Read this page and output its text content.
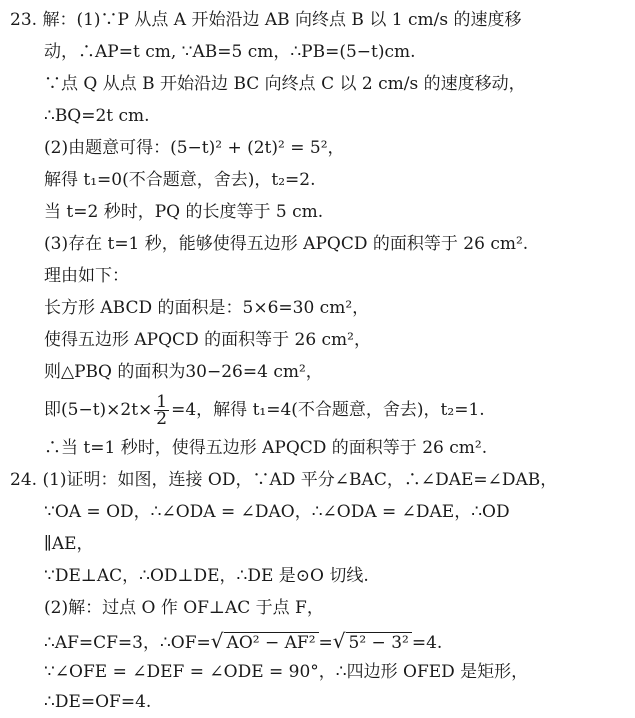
23. 解：(1)∵P 从点 A 开始沿边 AB 向终点 B 以 1 cm/s 的速度移
动，∴AP=t cm, ∵AB=5 cm，∴PB=(5−t)cm.
∵点 Q 从点 B 开始沿边 BC 向终点 C 以 2 cm/s 的速度移动，
∴BQ=2t cm.
(2)由题意可得：(5−t)² + (2t)² = 5²，
解得 t₁=0(不合题意，舍去)，t₂=2.
当 t=2 秒时，PQ 的长度等于 5 cm.
(3)存在 t=1 秒，能够使得五边形 APQCD 的面积等于 26 cm².
理由如下：
长方形 ABCD 的面积是：5×6=30 cm²，
使得五边形 APQCD 的面积等于 26 cm²，
则△PBQ 的面积为30−26=4 cm²，
即$(5-t)\times 2t\times \frac{1}{2} =4$，解得 t₁=4(不合题意，舍去)，t₂=1.
∴当 t=1 秒时，使得五边形 APQCD 的面积等于 26 cm².
24. (1)证明：如图，连接 OD，∵AD 平分∠BAC，∴∠DAE=∠DAB，
∵OA = OD，∴∠ODA = ∠DAO，∴∠ODA = ∠DAE，∴OD
∥AE，
∵DE⊥AC，∴OD⊥DE，∴DE 是⊙O 切线.
(2)解：过点 O 作 OF⊥AC 于点 F，
∴AF=CF=3，∴OF=√ AO² − AF² =√ 5² − 3² =4.
∵∠OFE = ∠DEF = ∠ODE = 90°，∴四边形 OFED 是矩形，
∴DE=OF=4.
